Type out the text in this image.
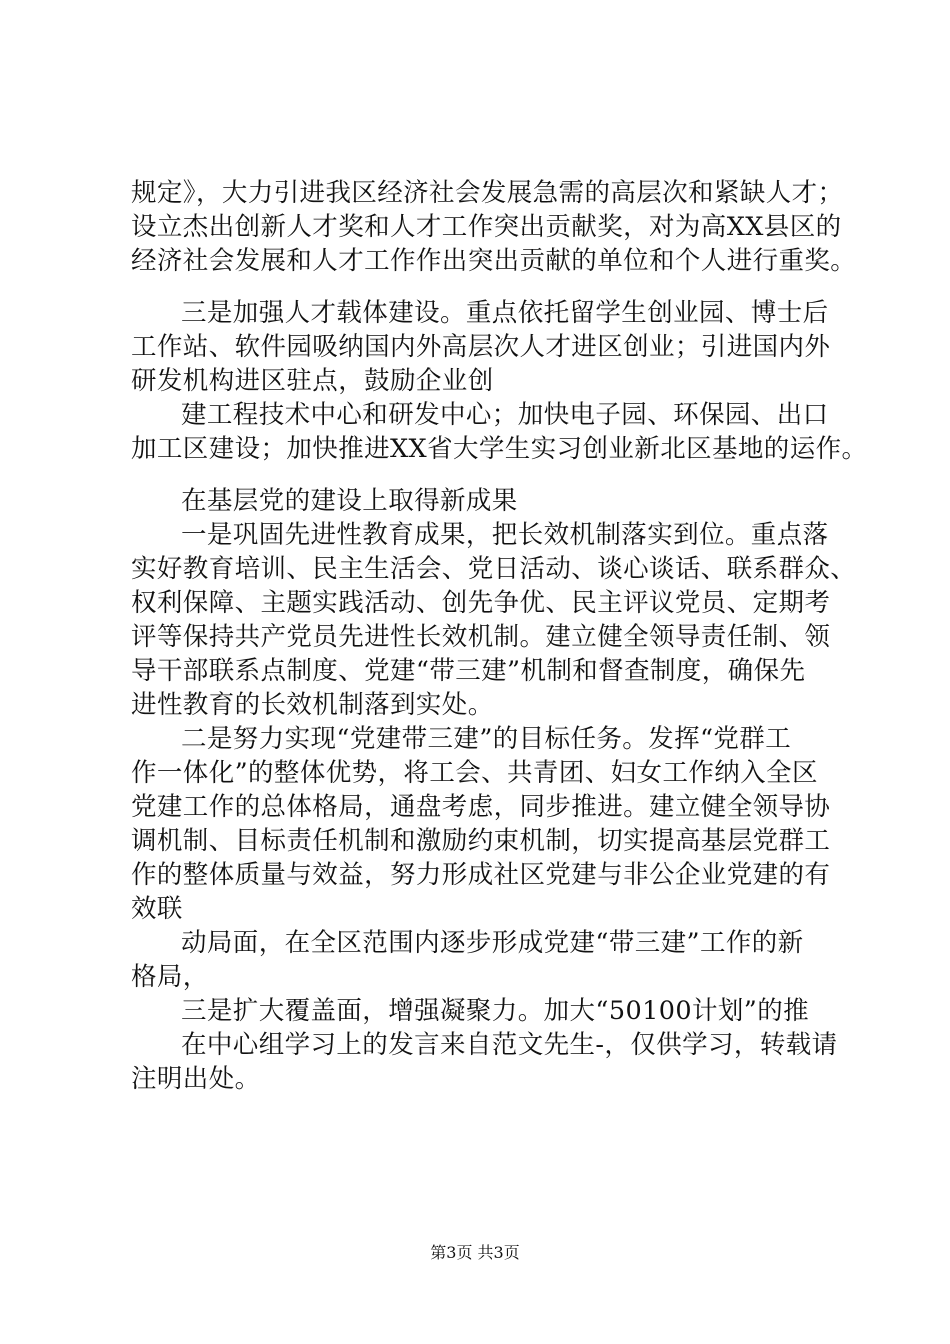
规定》，大力引进我区经济社会发展急需的高层次和紧缺人才；
设立杰出创新人才奖和人才工作突出贡献奖，对为高XX县区的
经济社会发展和人才工作作出突出贡献的单位和个人进行重奖。
三是加强人才载体建设。重点依托留学生创业园、博士后
工作站、软件园吸纳国内外高层次人才进区创业；引进国内外
研发机构进区驻点，鼓励企业创
建工程技术中心和研发中心；加快电子园、环保园、出口
加工区建设；加快推进XX省大学生实习创业新北区基地的运作。
在基层党的建设上取得新成果
一是巩固先进性教育成果，把长效机制落实到位。重点落
实好教育培训、民主生活会、党日活动、谈心谈话、联系群众、
权利保障、主题实践活动、创先争优、民主评议党员、定期考
评等保持共产党员先进性长效机制。建立健全领导责任制、领
导干部联系点制度、党建“带三建”机制和督查制度，确保先
进性教育的长效机制落到实处。
二是努力实现“党建带三建”的目标任务。发挥“党群工
作一体化”的整体优势，将工会、共青团、妇女工作纳入全区
党建工作的总体格局，通盘考虑，同步推进。建立健全领导协
调机制、目标责任机制和激励约束机制，切实提高基层党群工
作的整体质量与效益，努力形成社区党建与非公企业党建的有
效联
动局面，在全区范围内逐步形成党建“带三建”工作的新
格局，
三是扩大覆盖面，增强凝聚力。加大“50100计划”的推
在中心组学习上的发言来自范文先生-，仅供学习，转载请
注明出处。
第3页 共3页
